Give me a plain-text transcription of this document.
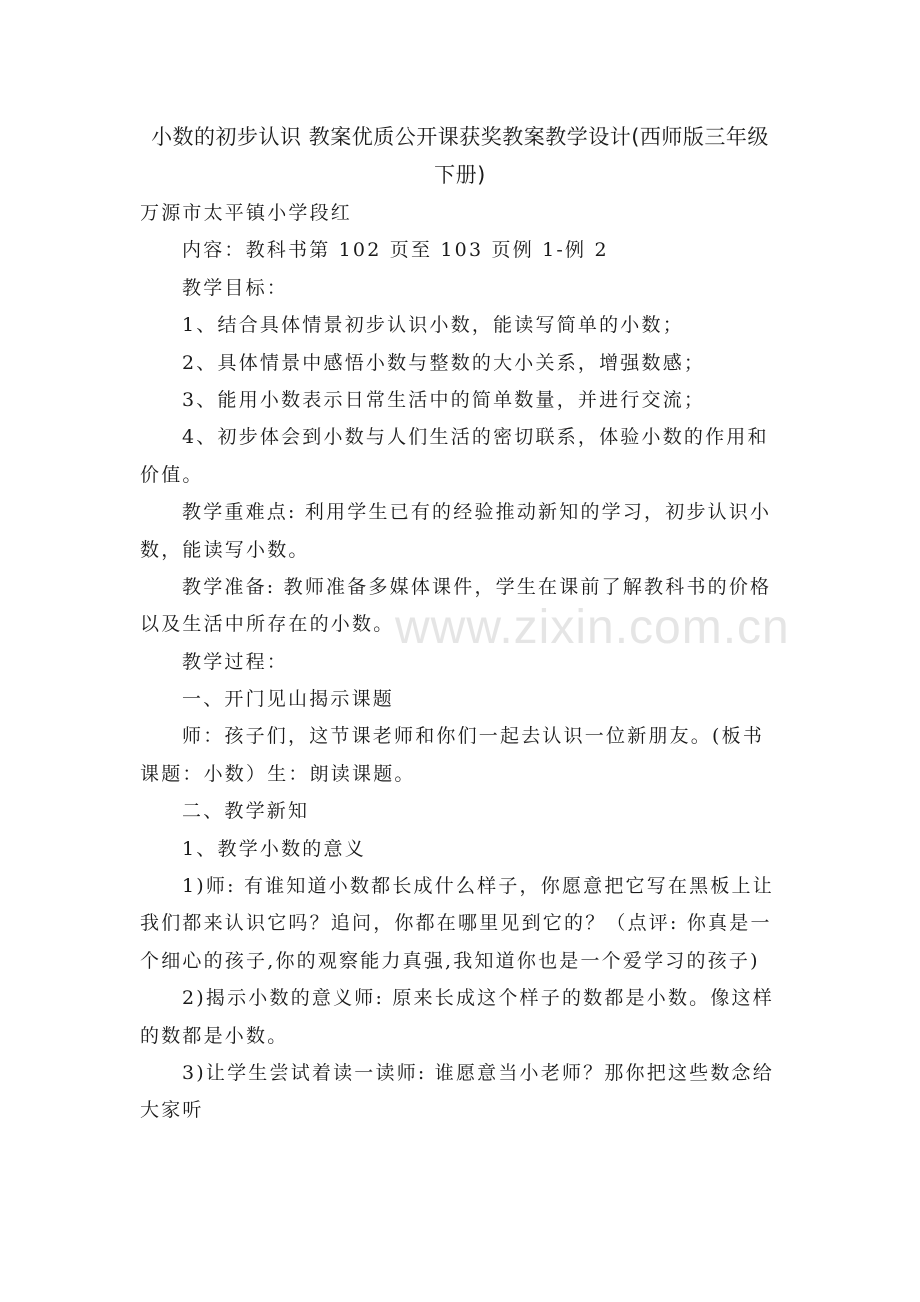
小数的初步认识 教案优质公开课获奖教案教学设计(西师版三年级
下册)
www.zixin.com.cn
万源市太平镇小学段红
内容：教科书第 102 页至 103 页例 1-例 2
教学目标：
1、结合具体情景初步认识小数，能读写简单的小数；
2、具体情景中感悟小数与整数的大小关系，增强数感；
3、能用小数表示日常生活中的简单数量，并进行交流；
4、初步体会到小数与人们生活的密切联系，体验小数的作用和
价值。
教学重难点: 利用学生已有的经验推动新知的学习，初步认识小
数，能读写小数。
教学准备: 教师准备多媒体课件，学生在课前了解教科书的价格
以及生活中所存在的小数。
教学过程：
一、开门见山揭示课题
师：孩子们，这节课老师和你们一起去认识一位新朋友。(板书
课题：小数）生：朗读课题。
二、教学新知
1、教学小数的意义
1)师: 有谁知道小数都长成什么样子，你愿意把它写在黑板上让
我们都来认识它吗？追问，你都在哪里见到它的？（点评: 你真是一
个细心的孩子,你的观察能力真强,我知道你也是一个爱学习的孩子)
2)揭示小数的意义师: 原来长成这个样子的数都是小数。像这样
的数都是小数。
3)让学生尝试着读一读师: 谁愿意当小老师？那你把这些数念给
大家听
